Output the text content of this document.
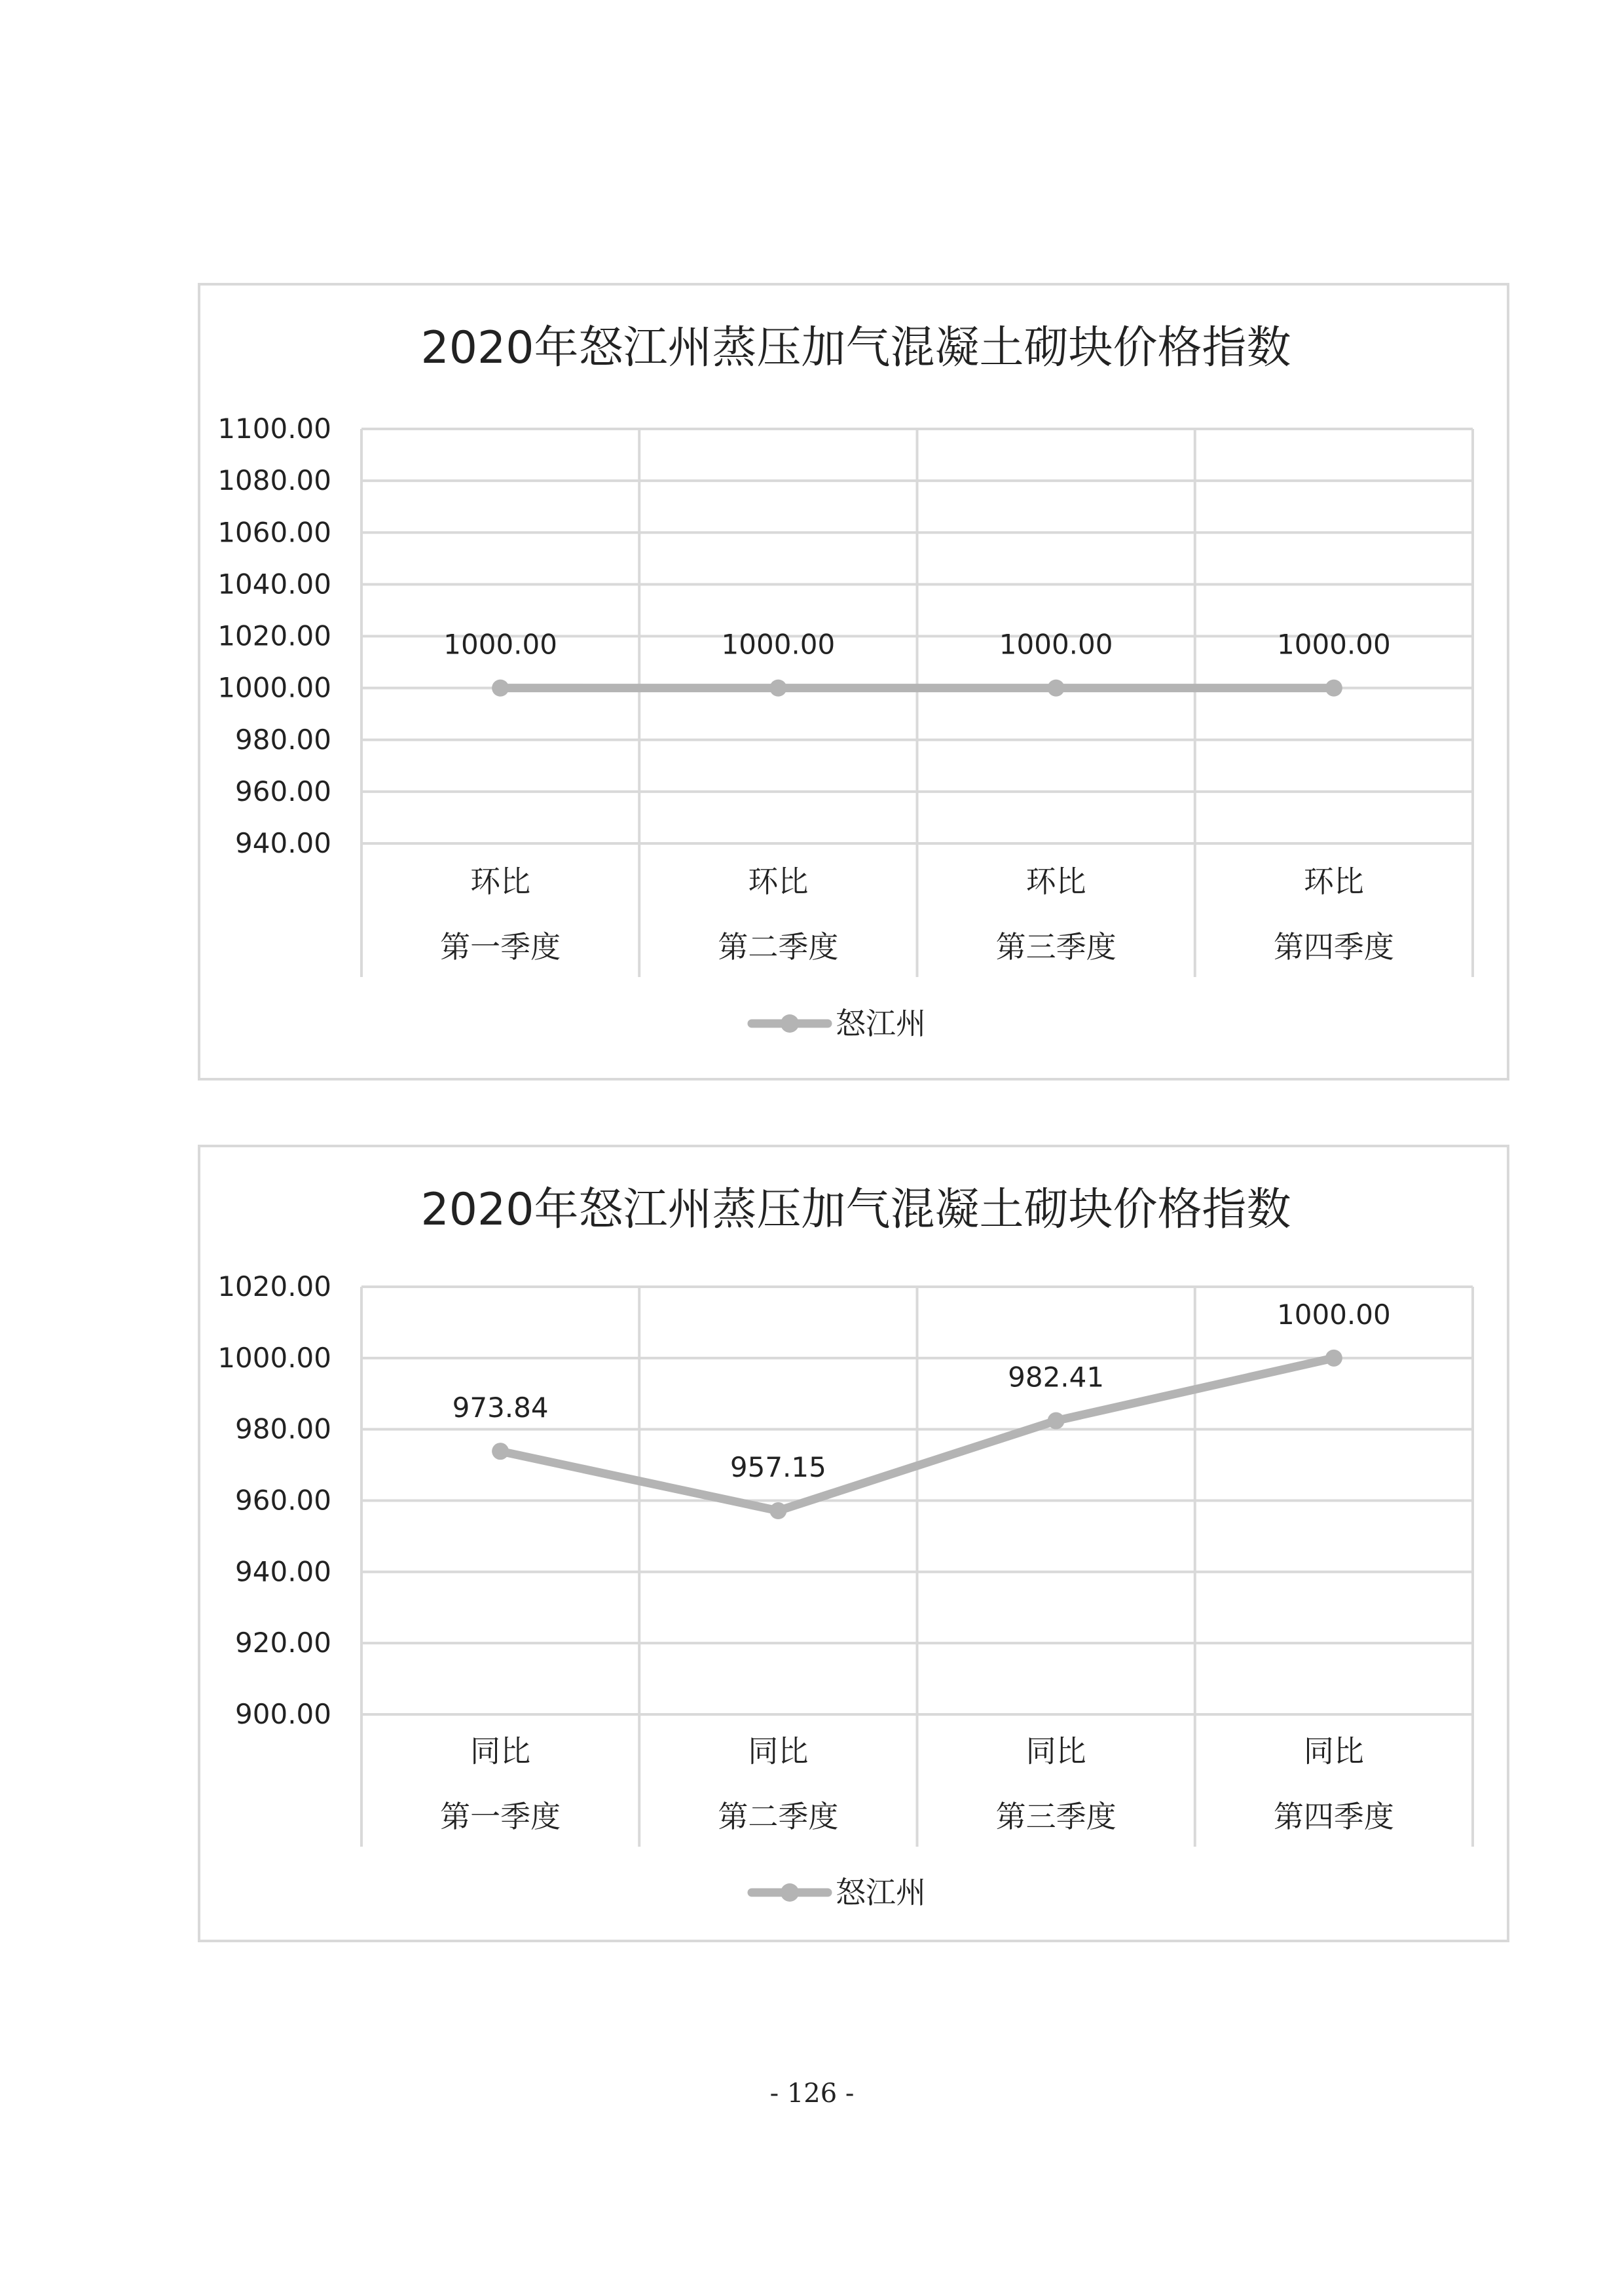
2020年怒江州蒸压加气混凝土砌块价格指数
1100.00
1080.00
1060.00
1040.00
1020.00
1000.00
980.00
960.00
940.00
环比
第一季度
环比
第二季度
环比
第三季度
环比
第四季度
1000.00	1000.00	1000.00	1000.00
怒江州
2020年怒江州蒸压加气混凝土砌块价格指数
1020.00
1000.00
980.00
960.00
940.00
920.00
900.00
同比
第一季度
同比
第二季度
同比
第三季度
同比
第四季度
973.84
957.15
982.41
1000.00
怒江州
- 126 -
